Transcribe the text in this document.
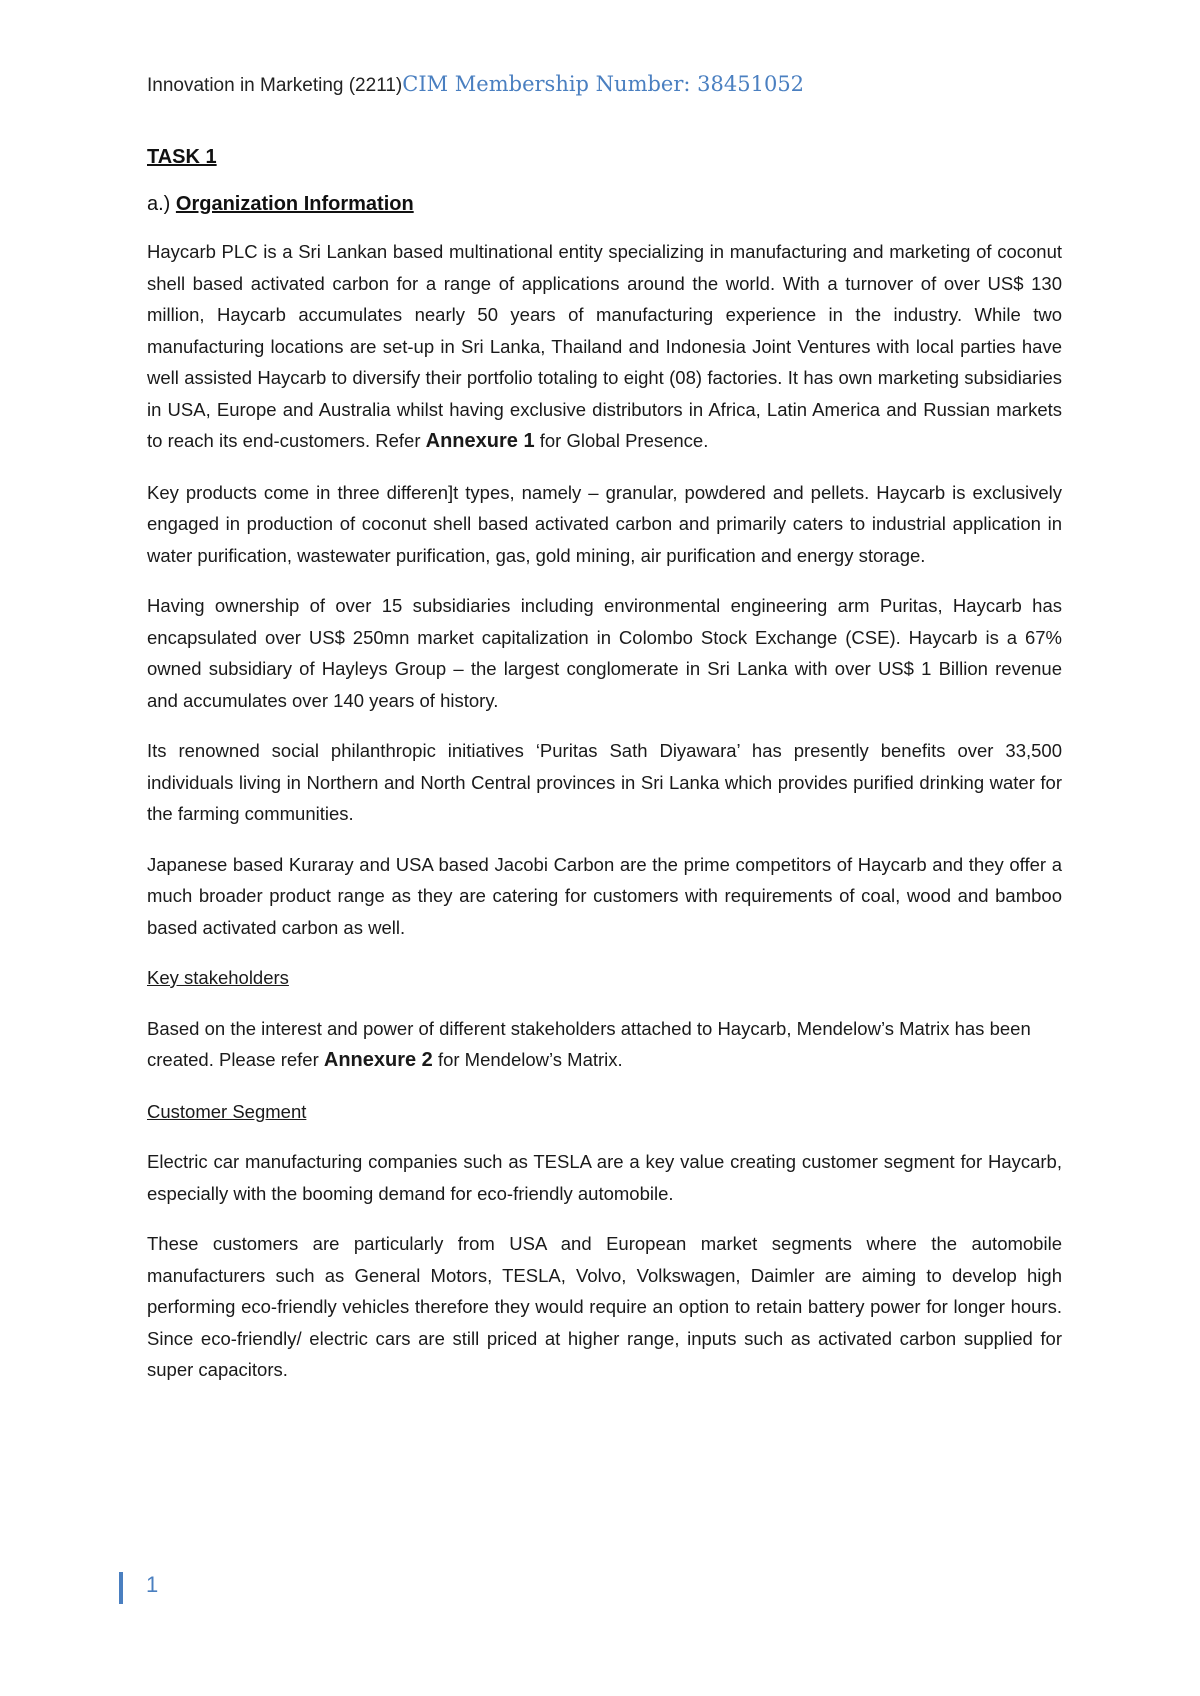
Innovation in Marketing (2211)CIM Membership Number: 38451052
TASK 1
a.) Organization Information

Haycarb PLC is a Sri Lankan based multinational entity specializing in manufacturing and marketing of coconut shell based activated carbon for a range of applications around the world. With a turnover of over US$ 130 million, Haycarb accumulates nearly 50 years of manufacturing experience in the industry. While two manufacturing locations are set-up in Sri Lanka, Thailand and Indonesia Joint Ventures with local parties have well assisted Haycarb to diversify their portfolio totaling to eight (08) factories. It has own marketing subsidiaries in USA, Europe and Australia whilst having exclusive distributors in Africa, Latin America and Russian markets to reach its end-customers. Refer Annexure 1 for Global Presence.

Key products come in three differen]t types, namely – granular, powdered and pellets. Haycarb is exclusively engaged in production of coconut shell based activated carbon and primarily caters to industrial application in water purification, wastewater purification, gas, gold mining, air purification and energy storage.

Having ownership of over 15 subsidiaries including environmental engineering arm Puritas, Haycarb has encapsulated over US$ 250mn market capitalization in Colombo Stock Exchange (CSE). Haycarb is a 67% owned subsidiary of Hayleys Group – the largest conglomerate in Sri Lanka with over US$ 1 Billion revenue and accumulates over 140 years of history.

Its renowned social philanthropic initiatives ‘Puritas Sath Diyawara’ has presently benefits over 33,500 individuals living in Northern and North Central provinces in Sri Lanka which provides purified drinking water for the farming communities.

Japanese based Kuraray and USA based Jacobi Carbon are the prime competitors of Haycarb and they offer a much broader product range as they are catering for customers with requirements of coal, wood and bamboo based activated carbon as well.

Key stakeholders

Based on the interest and power of different stakeholders attached to Haycarb, Mendelow’s Matrix has been created. Please refer Annexure 2 for Mendelow’s Matrix.

Customer Segment

Electric car manufacturing companies such as TESLA are a key value creating customer segment for Haycarb, especially with the booming demand for eco-friendly automobile.

These customers are particularly from USA and European market segments where the automobile manufacturers such as General Motors, TESLA, Volvo, Volkswagen, Daimler are aiming to develop high performing eco-friendly vehicles therefore they would require an option to retain battery power for longer hours. Since eco-friendly/ electric cars are still priced at higher range, inputs such as activated carbon supplied for super capacitors.

1
